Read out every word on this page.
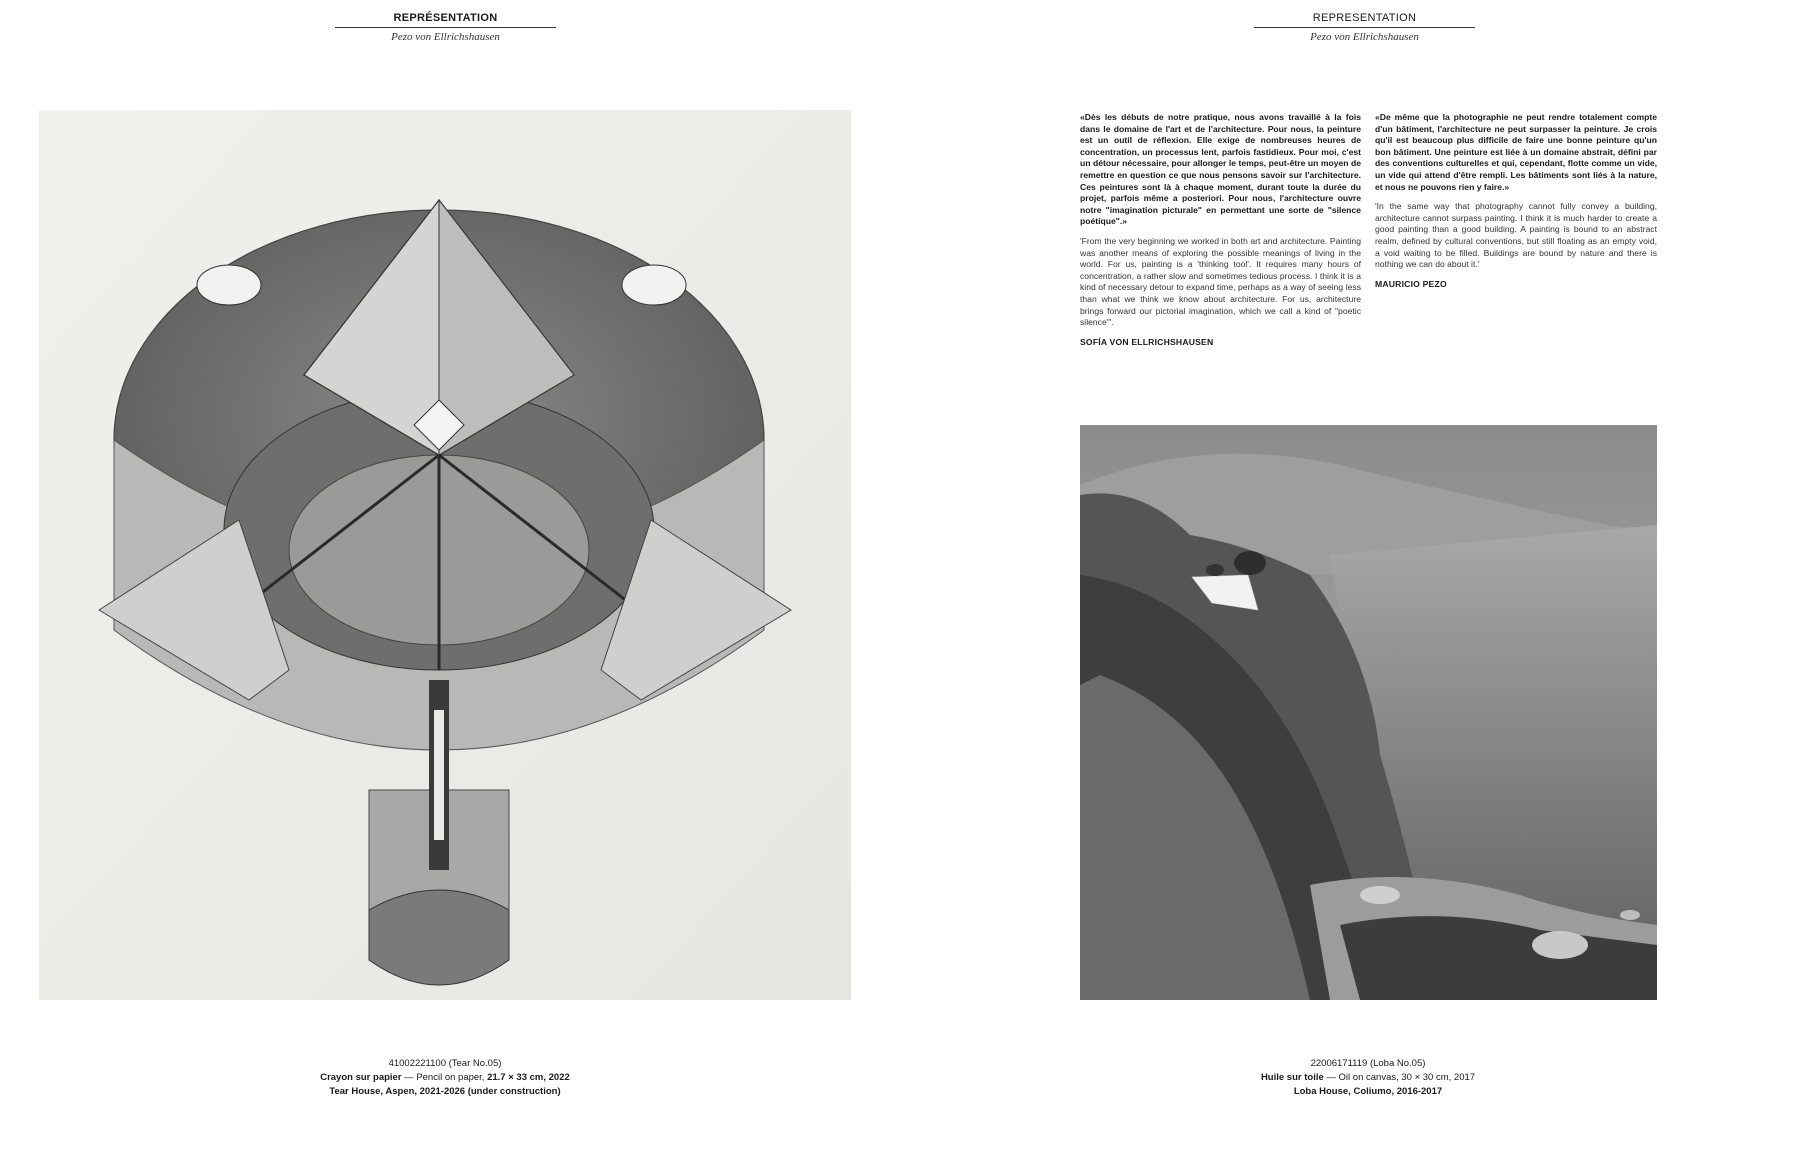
REPRÉSENTATION
Pezo von Ellrichshausen
41002221100 (Tear No.05)
Crayon sur papier — Pencil on paper, 21.7 × 33 cm, 2022
Tear House, Aspen, 2021-2026 (under construction)
REPRESENTATION
Pezo von Ellrichshausen

«Dès les débuts de notre pratique, nous avons travaillé à la fois dans le domaine de l'art et de l'architecture. Pour nous, la peinture est un outil de réflexion. Elle exige de nombreuses heures de concentration, un processus lent, parfois fastidieux. Pour moi, c'est un détour nécessaire, pour allonger le temps, peut-être un moyen de remettre en question ce que nous pensons savoir sur l'architecture. Ces peintures sont là à chaque moment, durant toute la durée du projet, parfois même a posteriori. Pour nous, l'architecture ouvre notre "imagination picturale" en permettant une sorte de "silence poétique".»

'From the very beginning we worked in both art and architecture. Painting was another means of exploring the possible meanings of living in the world. For us, painting is a 'thinking tool'. It requires many hours of concentration, a rather slow and sometimes tedious process. I think it is a kind of necessary detour to expand time, perhaps as a way of seeing less than what we think we know about architecture. For us, architecture brings forward our pictorial imagination, which we call a kind of "poetic silence"'.

SOFÍA VON ELLRICHSHAUSEN

«De même que la photographie ne peut rendre totalement compte d'un bâtiment, l'architecture ne peut surpasser la peinture. Je crois qu'il est beaucoup plus difficile de faire une bonne peinture qu'un bon bâtiment. Une peinture est liée à un domaine abstrait, défini par des conventions culturelles et qui, cependant, flotte comme un vide, un vide qui attend d'être rempli. Les bâtiments sont liés à la nature, et nous ne pouvons rien y faire.»

'In the same way that photography cannot fully convey a building, architecture cannot surpass painting. I think it is much harder to create a good painting than a good building. A painting is bound to an abstract realm, defined by cultural conventions, but still floating as an empty void, a void waiting to be filled. Buildings are bound by nature and there is nothing we can do about it.'

MAURICIO PEZO
22006171119 (Loba No.05)
Huile sur toile — Oil on canvas, 30 × 30 cm, 2017
Loba House, Coliumo, 2016-2017
